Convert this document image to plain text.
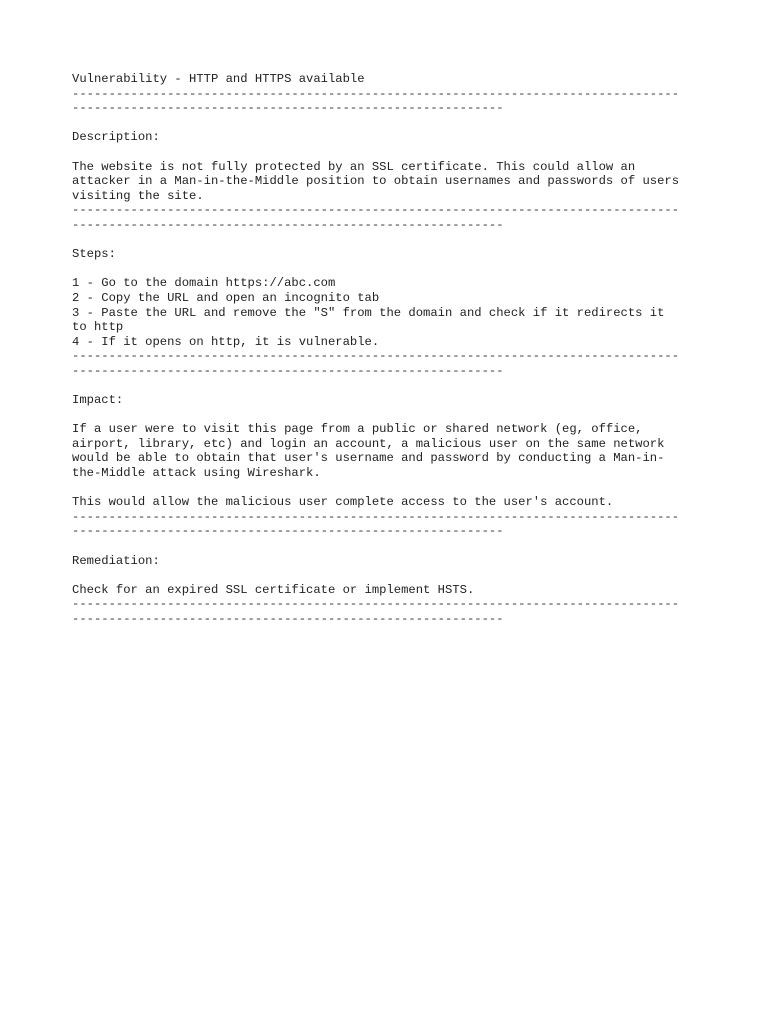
Vulnerability - HTTP and HTTPS available
-----------------------------------------------------------------------------------
-----------------------------------------------------------
Description:
The website is not fully protected by an SSL certificate. This could allow an
attacker in a Man-in-the-Middle position to obtain usernames and passwords of users
visiting the site.
-----------------------------------------------------------------------------------
-----------------------------------------------------------
Steps:
1 - Go to the domain https://abc.com
2 - Copy the URL and open an incognito tab
3 - Paste the URL and remove the "S" from the domain and check if it redirects it
to http
4 - If it opens on http, it is vulnerable.
-----------------------------------------------------------------------------------
-----------------------------------------------------------
Impact:
If a user were to visit this page from a public or shared network (eg, office,
airport, library, etc) and login an account, a malicious user on the same network
would be able to obtain that user's username and password by conducting a Man-in-
the-Middle attack using Wireshark.
This would allow the malicious user complete access to the user's account.
-----------------------------------------------------------------------------------
-----------------------------------------------------------
Remediation:
Check for an expired SSL certificate or implement HSTS.
-----------------------------------------------------------------------------------
-----------------------------------------------------------
